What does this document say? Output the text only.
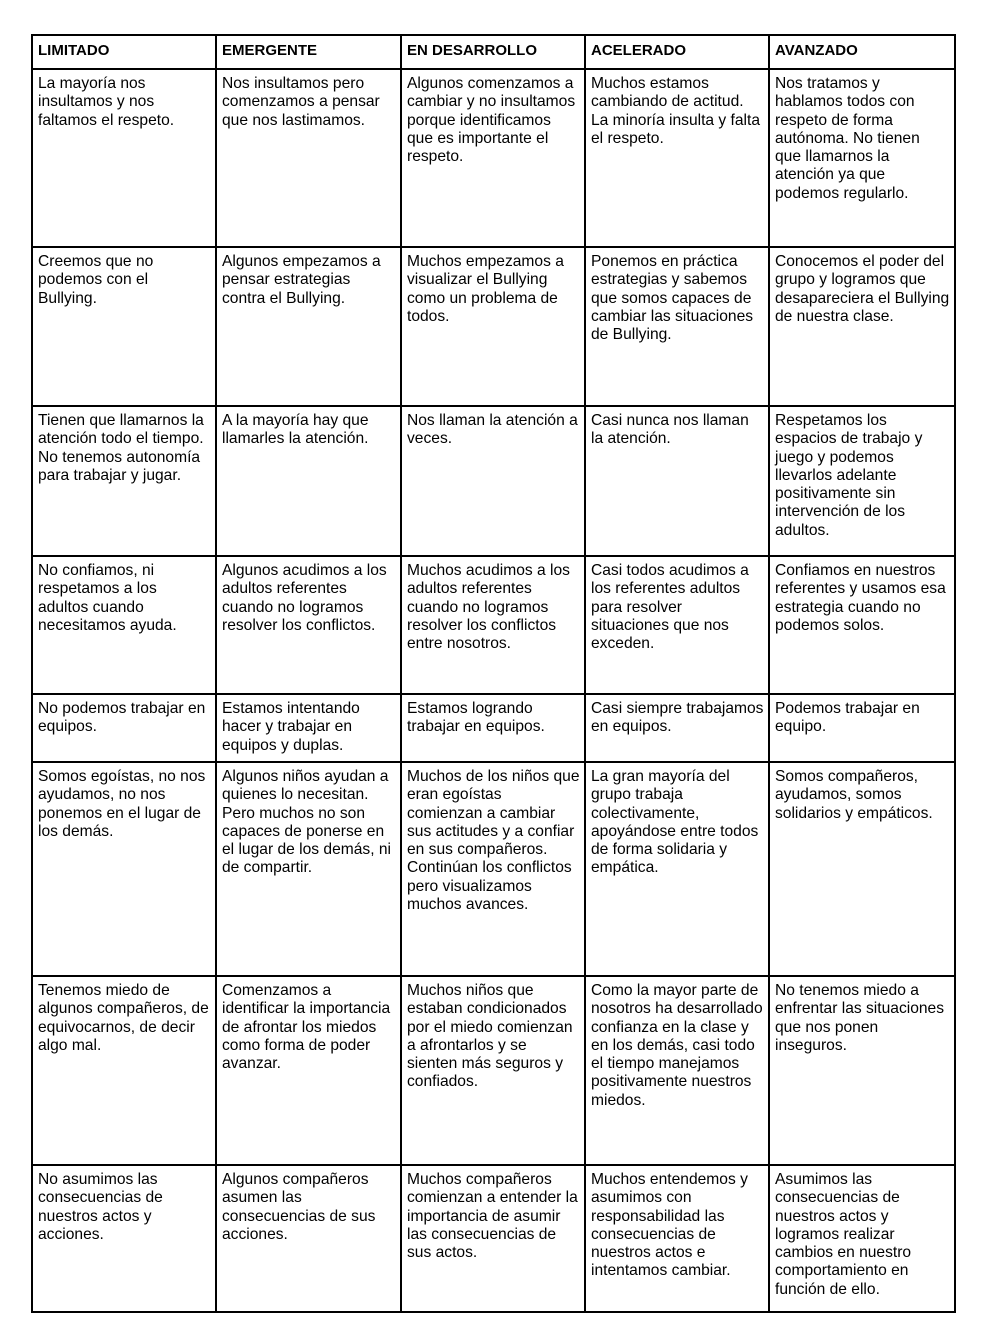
LIMITADO	EMERGENTE	EN DESARROLLO	ACELERADO	AVANZADO
La mayoría nos insultamos y nos faltamos el respeto.	Nos insultamos pero comenzamos a pensar que nos lastimamos.	Algunos comenzamos a cambiar y no insultamos porque identificamos que es importante el respeto.	Muchos estamos cambiando de actitud. La minoría insulta y falta el respeto.	Nos tratamos y hablamos todos con respeto de forma autónoma. No tienen que llamarnos la atención ya que podemos regularlo.
Creemos que no podemos con el Bullying.	Algunos empezamos a pensar estrategias contra el Bullying.	Muchos empezamos a visualizar el Bullying como un problema de todos.	Ponemos en práctica estrategias y sabemos que somos capaces de cambiar las situaciones de Bullying.	Conocemos el poder del grupo y logramos que desapareciera el Bullying de nuestra clase.
Tienen que llamarnos la atención todo el tiempo. No tenemos autonomía para trabajar y jugar.	A la mayoría hay que llamarles la atención.	Nos llaman la atención a veces.	Casi nunca nos llaman la atención.	Respetamos los espacios de trabajo y juego y podemos llevarlos adelante positivamente sin intervención de los adultos.
No confiamos, ni respetamos a los adultos cuando necesitamos ayuda.	Algunos acudimos a los adultos referentes cuando no logramos resolver los conflictos.	Muchos acudimos a los adultos referentes cuando no logramos resolver los conflictos entre nosotros.	Casi todos acudimos a los referentes adultos para resolver situaciones que nos exceden.	Confiamos en nuestros referentes y usamos esa estrategia cuando no podemos solos.
No podemos trabajar en equipos.	Estamos intentando hacer y trabajar en equipos y duplas.	Estamos logrando trabajar en equipos.	Casi siempre trabajamos en equipos.	Podemos trabajar en equipo.
Somos egoístas, no nos ayudamos, no nos ponemos en el lugar de los demás.	Algunos niños ayudan a quienes lo necesitan. Pero muchos no son capaces de ponerse en el lugar de los demás, ni de compartir.	Muchos de los niños que eran egoístas comienzan a cambiar sus actitudes y a confiar en sus compañeros. Continúan los conflictos pero visualizamos muchos avances.	La gran mayoría del grupo trabaja colectivamente, apoyándose entre todos de forma solidaria y empática.	Somos compañeros, ayudamos, somos solidarios y empáticos.
Tenemos miedo de algunos compañeros, de equivocarnos, de decir algo mal.	Comenzamos a identificar la importancia de afrontar los miedos como forma de poder avanzar.	Muchos niños que estaban condicionados por el miedo comienzan a afrontarlos y se sienten más seguros y confiados.	Como la mayor parte de nosotros ha desarrollado confianza en la clase y en los demás, casi todo el tiempo manejamos positivamente nuestros miedos.	No tenemos miedo a enfrentar las situaciones que nos ponen inseguros.
No asumimos las consecuencias de nuestros actos y acciones.	Algunos compañeros asumen las consecuencias de sus acciones.	Muchos compañeros comienzan a entender la importancia de asumir las consecuencias de sus actos.	Muchos entendemos y asumimos con responsabilidad las consecuencias de nuestros actos e intentamos cambiar.	Asumimos las consecuencias de nuestros actos y logramos realizar cambios en nuestro comportamiento en función de ello.
